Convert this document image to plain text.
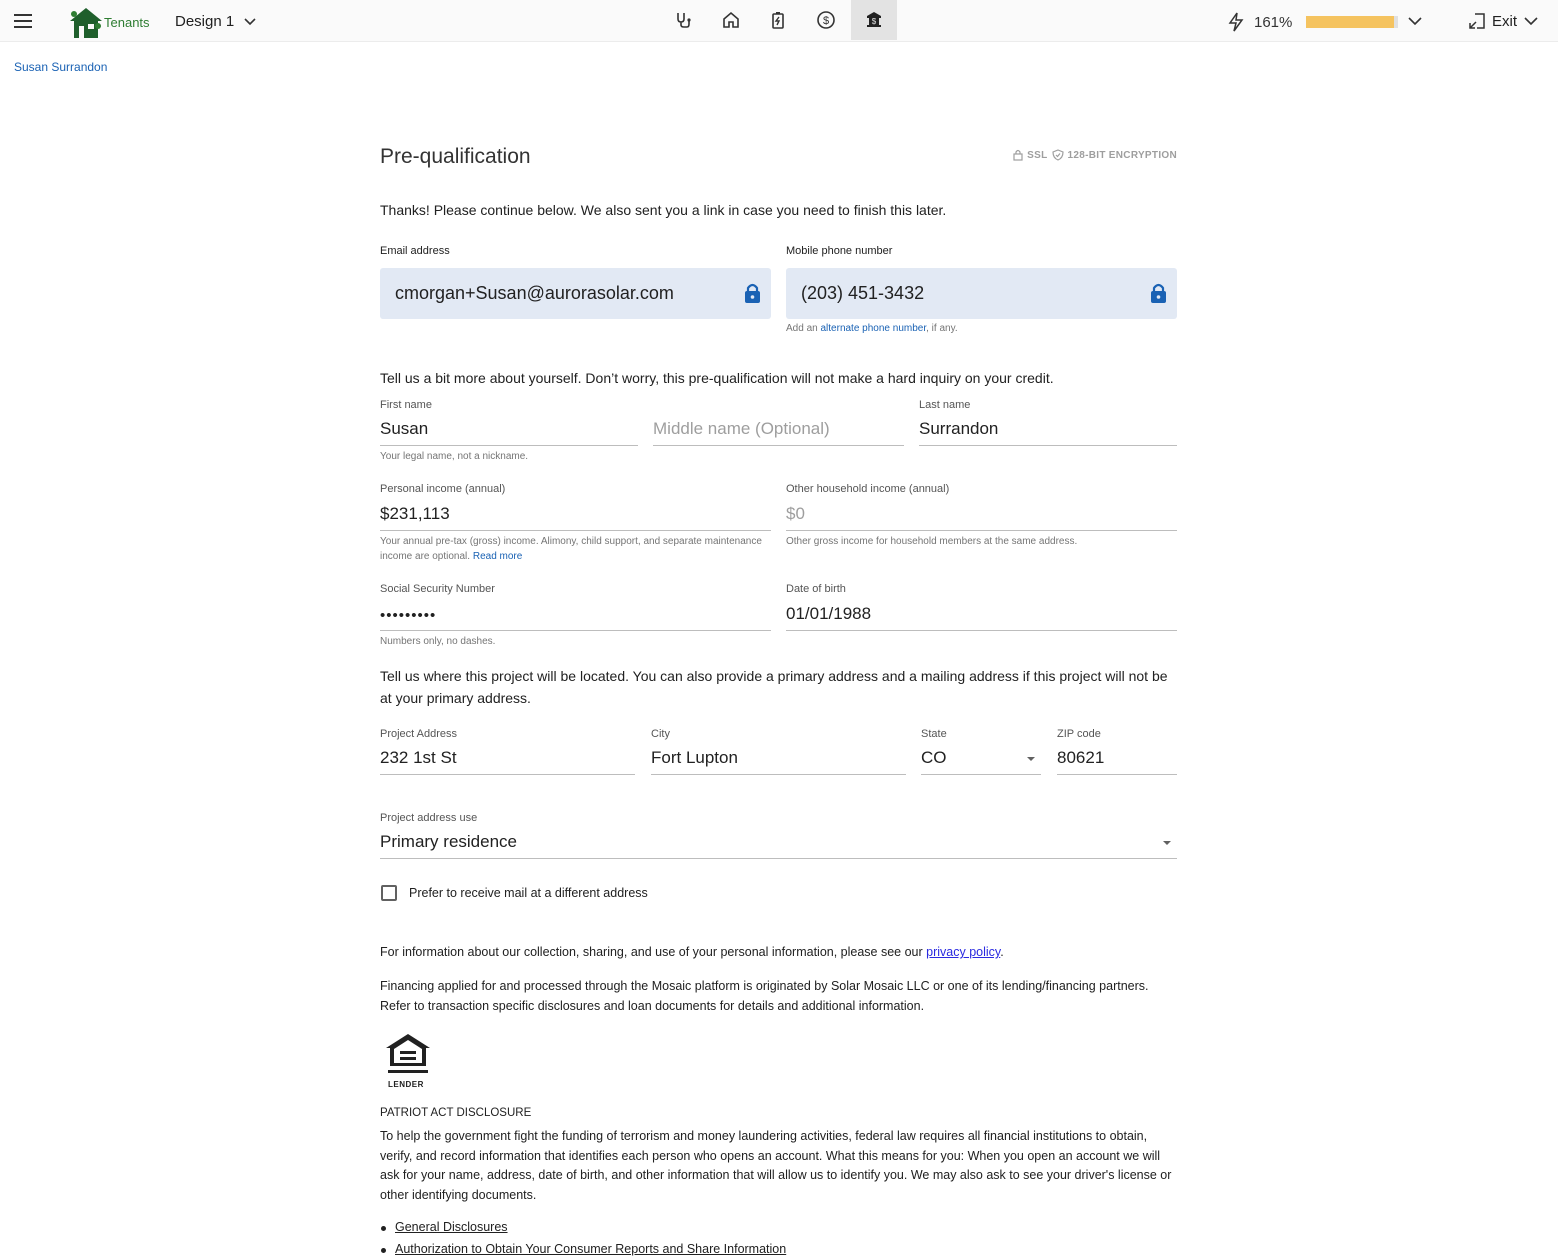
Tenants Design 1	$	$	161%	Exit
Susan Surrandon
Pre-qualification	SSL 128-BIT ENCRYPTION
Thanks! Please continue below. We also sent you a link in case you need to finish this later.
Email address
cmorgan+Susan@aurorasolar.com
Mobile phone number
(203) 451-3432
Add an alternate phone number, if any.
Tell us a bit more about yourself. Don’t worry, this pre-qualification will not make a hard inquiry on your credit.
First name
Susan
Your legal name, not a nickname.
Middle name (Optional)
Last name
Surrandon
Personal income (annual)
$231,113
Your annual pre-tax (gross) income. Alimony, child support, and separate maintenance income are optional. Read more
Other household income (annual)
$0
Other gross income for household members at the same address.
Social Security Number
•••••••••
Numbers only, no dashes.
Date of birth
01/01/1988
Tell us where this project will be located. You can also provide a primary address and a mailing address if this project will not be at your primary address.
Project Address
232 1st St
City
Fort Lupton
State
CO
ZIP code
80621
Project address use
Primary residence
Prefer to receive mail at a different address
For information about our collection, sharing, and use of your personal information, please see our privacy policy.
Financing applied for and processed through the Mosaic platform is originated by Solar Mosaic LLC or one of its lending/financing partners. Refer to transaction specific disclosures and loan documents for details and additional information.
LENDER
PATRIOT ACT DISCLOSURE
To help the government fight the funding of terrorism and money laundering activities, federal law requires all financial institutions to obtain, verify, and record information that identifies each person who opens an account. What this means for you: When you open an account we will ask for your name, address, date of birth, and other information that will allow us to identify you. We may also ask to see your driver's license or other identifying documents.
General Disclosures
Authorization to Obtain Your Consumer Reports and Share Information
